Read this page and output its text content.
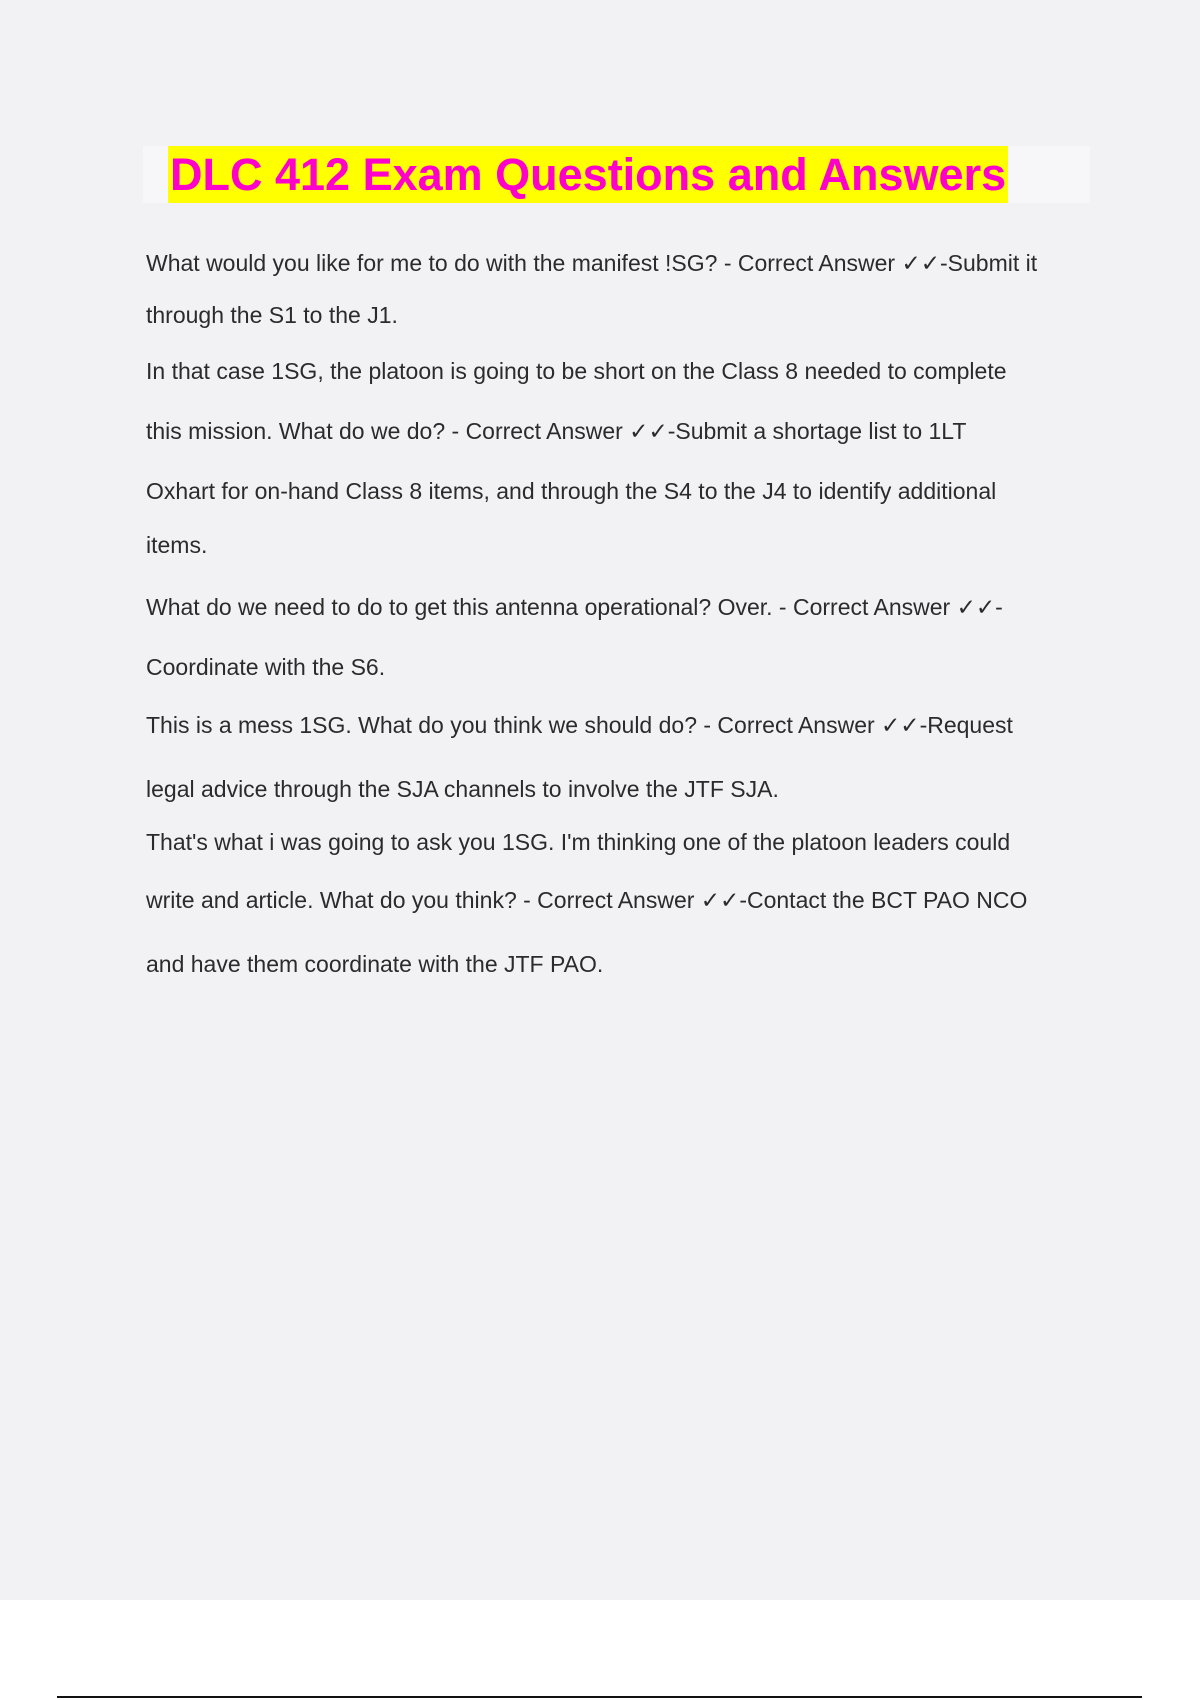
DLC 412 Exam Questions and Answers
What would you like for me to do with the manifest !SG? - Correct Answer ✓✓-Submit it
through the S1 to the J1.
In that case 1SG, the platoon is going to be short on the Class 8 needed to complete
this mission. What do we do? - Correct Answer ✓✓-Submit a shortage list to 1LT
Oxhart for on-hand Class 8 items, and through the S4 to the J4 to identify additional
items.
What do we need to do to get this antenna operational? Over. - Correct Answer ✓✓-
Coordinate with the S6.
This is a mess 1SG. What do you think we should do? - Correct Answer ✓✓-Request
legal advice through the SJA channels to involve the JTF SJA.
That's what i was going to ask you 1SG. I'm thinking one of the platoon leaders could
write and article. What do you think? - Correct Answer ✓✓-Contact the BCT PAO NCO
and have them coordinate with the JTF PAO.
